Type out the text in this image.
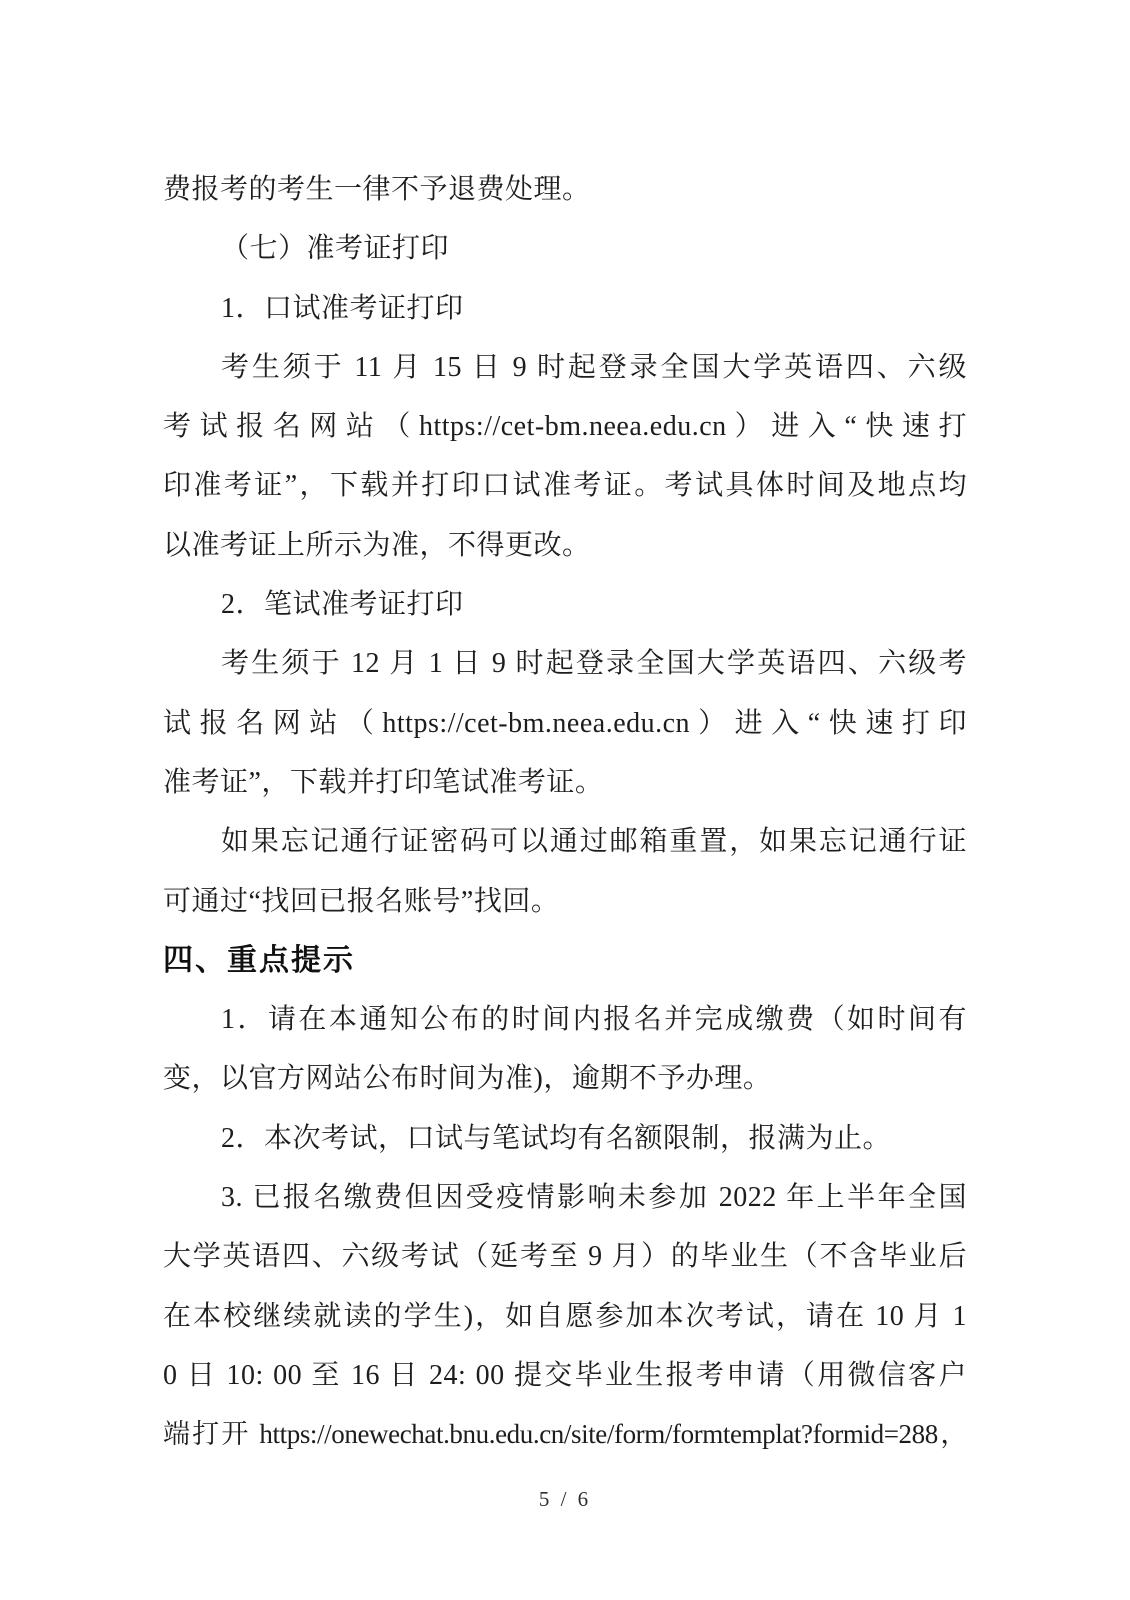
费报考的考生一律不予退费处理。
（七）准考证打印
1．口试准考证打印
考生须于 11 月 15 日 9 时起登录全国大学英语四、六级
考试报名网站（https://cet-bm.neea.edu.cn）进入“快速打
印准考证”，下载并打印口试准考证。考试具体时间及地点均
以准考证上所示为准，不得更改。
2．笔试准考证打印
考生须于 12 月 1 日 9 时起登录全国大学英语四、六级考
试报名网站（https://cet-bm.neea.edu.cn）进入“快速打印
准考证”，下载并打印笔试准考证。
如果忘记通行证密码可以通过邮箱重置，如果忘记通行证
可通过“找回已报名账号”找回。
四、重点提示
1．请在本通知公布的时间内报名并完成缴费（如时间有
变，以官方网站公布时间为准)，逾期不予办理。
2．本次考试，口试与笔试均有名额限制，报满为止。
3. 已报名缴费但因受疫情影响未参加 2022 年上半年全国
大学英语四、六级考试（延考至 9 月）的毕业生（不含毕业后
在本校继续就读的学生)，如自愿参加本次考试，请在 10 月 1
0 日 10: 00 至 16 日 24: 00 提交毕业生报考申请（用微信客户
端打开 https://onewechat.bnu.edu.cn/site/form/formtemplat?formid=288，
5 / 6
